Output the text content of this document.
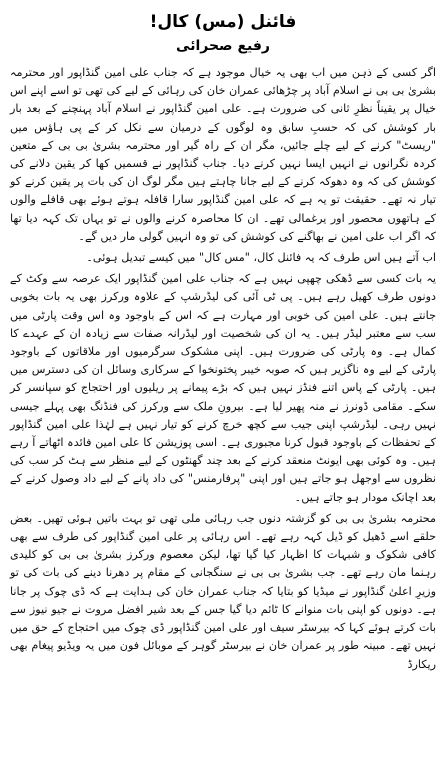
فائنل (مس) کال!
رفیع صحرائی

اگر کسی کے ذہن میں اب بھی یہ خیال موجود ہے کہ جناب علی امین گنڈاپور اور محترمہ بشریٰ بی بی نے اسلام آباد پر چڑھائی عمران خان کی رہائی کے لیے کی تھی تو اسے اپنے اس خیال پر یقیناً نظرِ ثانی کی ضرورت ہے۔ علی امین گنڈاپور نے اسلام آباد پہنچنے کے بعد بار بار کوشش کی کہ حسبِ سابق وہ لوگوں کے درمیان سے نکل کر کے پی ہاؤس میں "ریسٹ" کرنے کے لیے چلے جائیں، مگر ان کے راہ گیر اور محترمہ بشریٰ بی بی کے متعین کردہ نگرانوں نے انہیں ایسا نہیں کرنے دیا۔ جناب گنڈاپور نے قسمیں کھا کر یقین دلانے کی کوشش کی کہ وہ دھوکہ کرنے کے لیے جانا چاہتے ہیں مگر لوگ ان کی بات پر یقین کرنے کو تیار نہ تھے۔ حقیقت تو یہ ہے کہ علی امین گنڈاپور سارا قافلہ ہوتے ہوئے بھی قافلے والوں کے ہاتھوں محصور اور یرغمالی تھے۔ ان کا محاصرہ کرنے والوں نے تو یہاں تک کہہ دیا تھا کہ اگر اب علی امین نے بھاگنے کی کوشش کی تو وہ انہیں گولی مار دیں گے۔

اب آتے ہیں اس طرف کہ یہ فائنل کال، "مس کال" میں کیسے تبدیل ہوئی۔

یہ بات کسی سے ڈھکی چھپی نہیں ہے کہ جناب علی امین گنڈاپور ایک عرصہ سے وکٹ کے دونوں طرف کھیل رہے ہیں۔ پی ٹی آئی کی لیڈرشپ کے علاوہ ورکرز بھی یہ بات بخوبی جانتے ہیں۔ علی امین کی خوبی اور مہارت ہے کہ اس کے باوجود وہ اس وقت پارٹی میں سب سے معتبر لیڈر ہیں۔ یہ ان کی شخصیت اور لیڈرانہ صفات سے زیادہ ان کے عہدے کا کمال ہے۔ وہ پارٹی کی ضرورت ہیں۔ اپنی مشکوک سرگرمیوں اور ملاقاتوں کے باوجود پارٹی کے لیے وہ ناگزیر ہیں کہ صوبہ خیبر پختونخوا کے سرکاری وسائل ان کی دسترس میں ہیں۔ پارٹی کے پاس اتنے فنڈز نہیں ہیں کہ بڑے پیمانے پر ریلیوں اور احتجاج کو سپانسر کر سکے۔ مقامی ڈونرز نے منہ پھیر لیا ہے۔ بیرونِ ملک سے ورکرز کی فنڈنگ بھی پہلے جیسی نہیں رہی۔ لیڈرشپ اپنی جیب سے کچھ خرچ کرنے کو تیار نہیں ہے لہٰذا علی امین گنڈاپور کے تحفظات کے باوجود قبول کرنا مجبوری ہے۔ اسی پوزیشن کا علی امین فائدہ اٹھاتے آ رہے ہیں۔ وہ کوئی بھی ایونٹ منعقد کرنے کے بعد چند گھنٹوں کے لیے منظر سے ہٹ کر سب کی نظروں سے اوجھل ہو جاتے ہیں اور اپنی "پرفارمنس" کی داد پانے کے لیے داد وصول کرنے کے بعد اچانک مودار ہو جاتے ہیں۔

محترمہ بشریٰ بی بی کو گزشتہ دنوں جب رہائی ملی تھی تو بہت باتیں ہوئی تھیں۔ بعض حلقے اسے ڈھیل کو ڈیل کہہ رہے تھے۔ اس رہائی پر علی امین گنڈاپور کی طرف سے بھی کافی شکوک و شبہات کا اظہار کیا گیا تھا، لیکن معصوم ورکرز بشریٰ بی بی کو کلیدی رہنما مان رہے تھے۔ جب بشریٰ بی بی نے سنگجانی کے مقام پر دھرنا دینے کی بات کی تو وزیرِ اعلیٰ گنڈاپور نے میڈیا کو بتایا کہ جناب عمران خان کی ہدایت ہے کہ ڈی چوک پر جانا ہے۔ دونوں کو اپنی بات منوانے کا ٹائم دیا گیا جس کے بعد شیر افضل مروت نے جیو نیوز سے بات کرتے ہوئے کہا کہ بیرسٹر سیف اور علی امین گنڈاپور ڈی چوک میں احتجاج کے حق میں نہیں تھے۔ مبینہ طور پر عمران خان نے بیرسٹر گوہر کے موبائل فون میں یہ ویڈیو پیغام بھی ریکارڈ
